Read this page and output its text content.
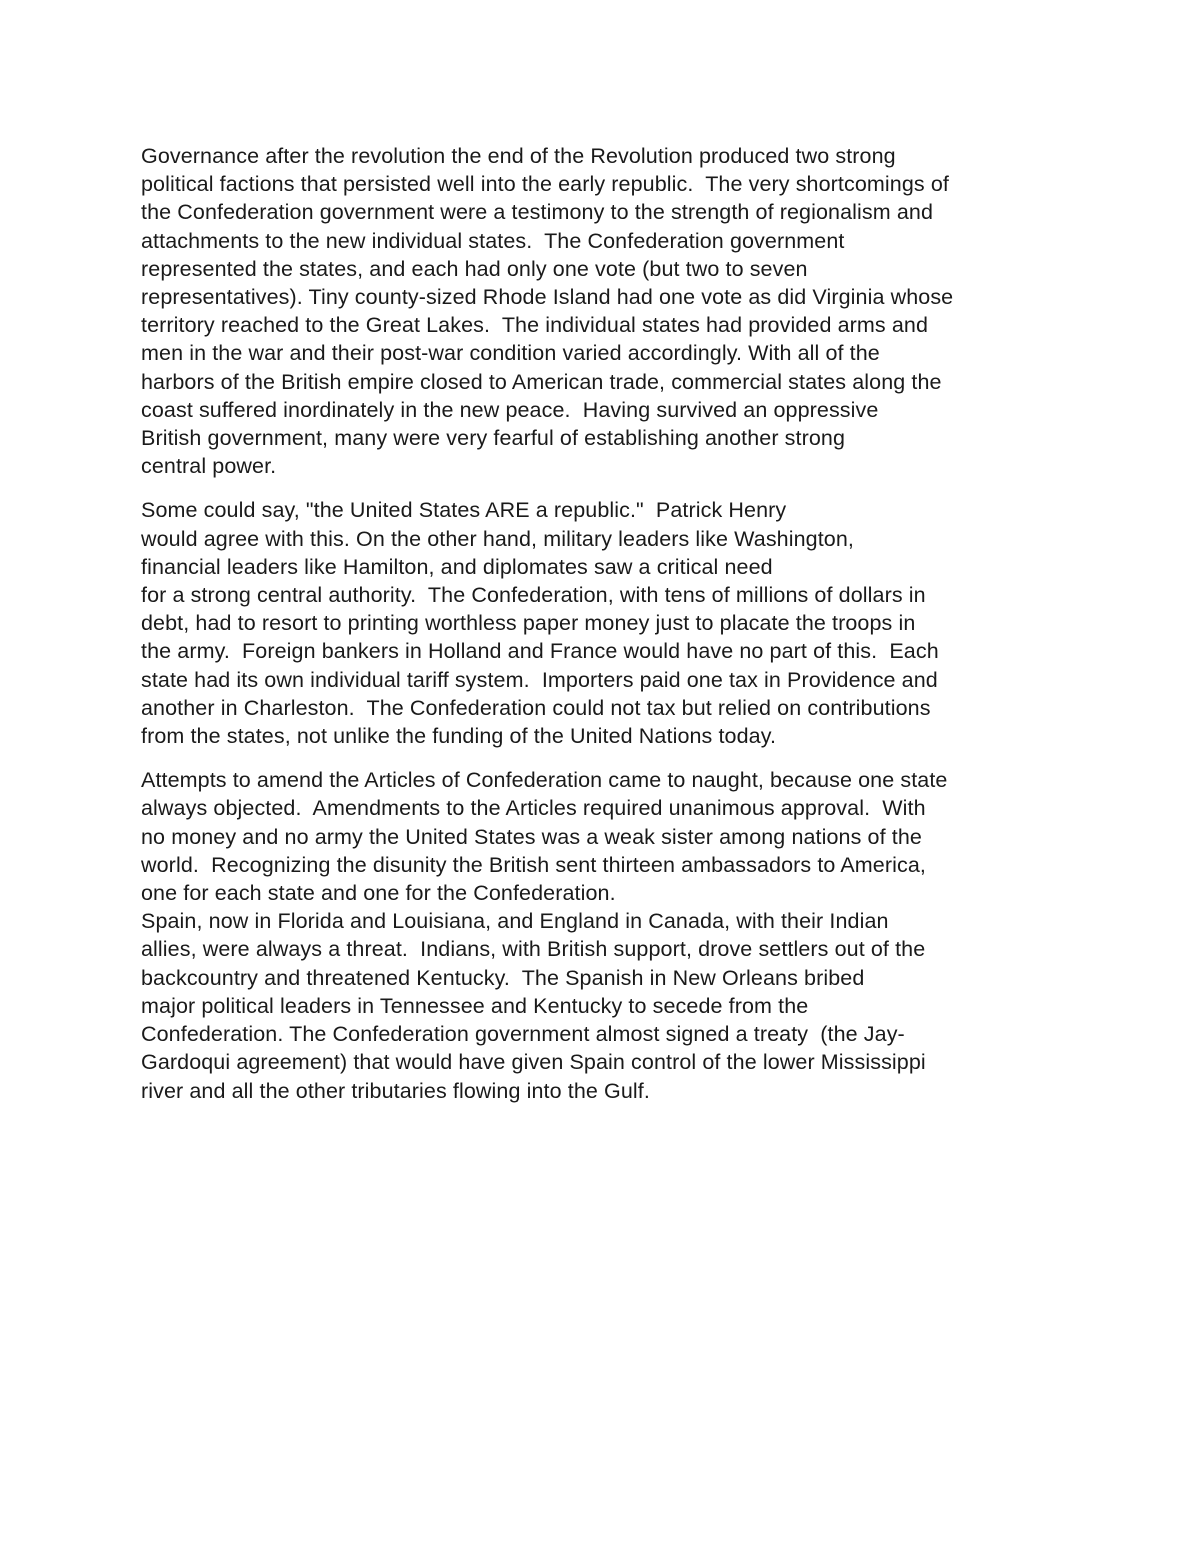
Governance after the revolution the end of the Revolution produced two strong
political factions that persisted well into the early republic.  The very shortcomings of
the Confederation government were a testimony to the strength of regionalism and
attachments to the new individual states.  The Confederation government
represented the states, and each had only one vote (but two to seven
representatives). Tiny county-sized Rhode Island had one vote as did Virginia whose
territory reached to the Great Lakes.  The individual states had provided arms and
men in the war and their post-war condition varied accordingly. With all of the
harbors of the British empire closed to American trade, commercial states along the
coast suffered inordinately in the new peace.  Having survived an oppressive
British government, many were very fearful of establishing another strong
central power.

Some could say, "the United States ARE a republic."  Patrick Henry
would agree with this. On the other hand, military leaders like Washington,
financial leaders like Hamilton, and diplomates saw a critical need
for a strong central authority.  The Confederation, with tens of millions of dollars in
debt, had to resort to printing worthless paper money just to placate the troops in
the army.  Foreign bankers in Holland and France would have no part of this.  Each
state had its own individual tariff system.  Importers paid one tax in Providence and
another in Charleston.  The Confederation could not tax but relied on contributions
from the states, not unlike the funding of the United Nations today.

Attempts to amend the Articles of Confederation came to naught, because one state
always objected.  Amendments to the Articles required unanimous approval.  With
no money and no army the United States was a weak sister among nations of the
world.  Recognizing the disunity the British sent thirteen ambassadors to America,
one for each state and one for the Confederation.
Spain, now in Florida and Louisiana, and England in Canada, with their Indian
allies, were always a threat.  Indians, with British support, drove settlers out of the
backcountry and threatened Kentucky.  The Spanish in New Orleans bribed
major political leaders in Tennessee and Kentucky to secede from the
Confederation. The Confederation government almost signed a treaty  (the Jay-
Gardoqui agreement) that would have given Spain control of the lower Mississippi
river and all the other tributaries flowing into the Gulf.
